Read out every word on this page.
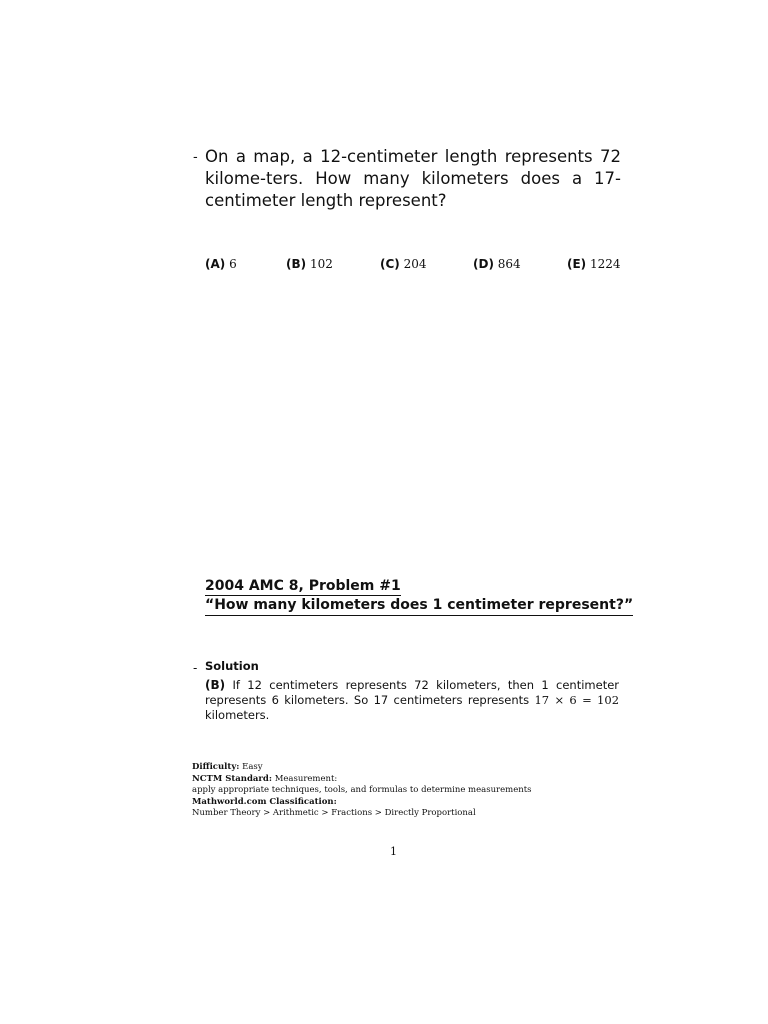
- On a map, a 12-centimeter length represents 72 kilome-ters. How many kilometers does a 17-centimeter length represent?
(A) 6	(B) 102	(C) 204	(D) 864	(E) 1224
2004 AMC 8, Problem #1
“How many kilometers does 1 centimeter represent?”
- Solution
(B) If 12 centimeters represents 72 kilometers, then 1 centimeter represents 6 kilometers. So 17 centimeters represents 17 × 6 = 102 kilometers.
Difficulty: Easy
NCTM Standard: Measurement:
apply appropriate techniques, tools, and formulas to determine measurements
Mathworld.com Classification:
Number Theory > Arithmetic > Fractions > Directly Proportional
1
